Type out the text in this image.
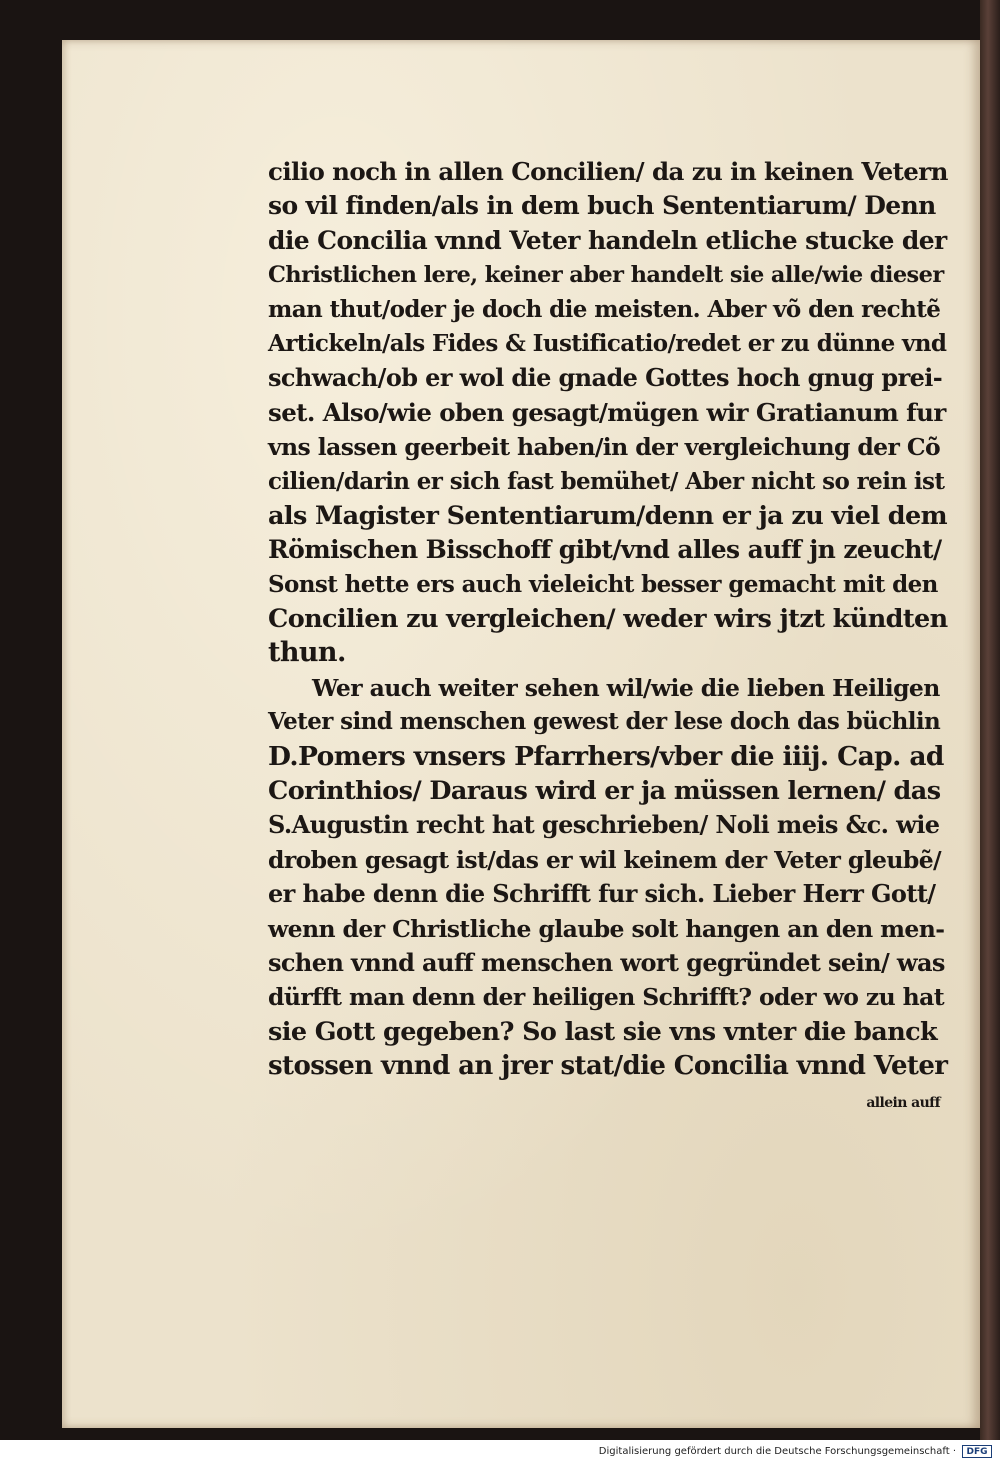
cilio noch in allen Concilien/ da zu in keinen Vetern
so vil finden/als in dem buch Sententiarum/ Denn
die Concilia vnnd Veter handeln etliche stucke der
Christlichen lere, keiner aber handelt sie alle/wie dieser
man thut/oder je doch die meisten. Aber võ den rechtẽ
Artickeln/als Fides & Iustificatio/redet er zu dünne vnd
schwach/ob er wol die gnade Gottes hoch gnug prei-
set. Also/wie oben gesagt/mügen wir Gratianum fur
vns lassen geerbeit haben/in der vergleichung der Cõ
cilien/darin er sich fast bemühet/ Aber nicht so rein ist
als Magister Sententiarum/denn er ja zu viel dem
Römischen Bisschoff gibt/vnd alles auff jn zeucht/
Sonst hette ers auch vieleicht besser gemacht mit den
Concilien zu vergleichen/ weder wirs jtzt kündten
thun.
Wer auch weiter sehen wil/wie die lieben Heiligen
Veter sind menschen gewest der lese doch das büchlin
D.Pomers vnsers Pfarrhers/vber die iiij. Cap. ad
Corinthios/ Daraus wird er ja müssen lernen/ das
S.Augustin recht hat geschrieben/ Noli meis &c. wie
droben gesagt ist/das er wil keinem der Veter gleubẽ/
er habe denn die Schrifft fur sich. Lieber Herr Gott/
wenn der Christliche glaube solt hangen an den men-
schen vnnd auff menschen wort gegründet sein/ was
dürfft man denn der heiligen Schrifft? oder wo zu hat
sie Gott gegeben? So last sie vns vnter die banck
stossen vnnd an jrer stat/die Concilia vnnd Veter
allein auff
Digitalisierung gefördert durch die Deutsche Forschungsgemeinschaft ·	DFG
